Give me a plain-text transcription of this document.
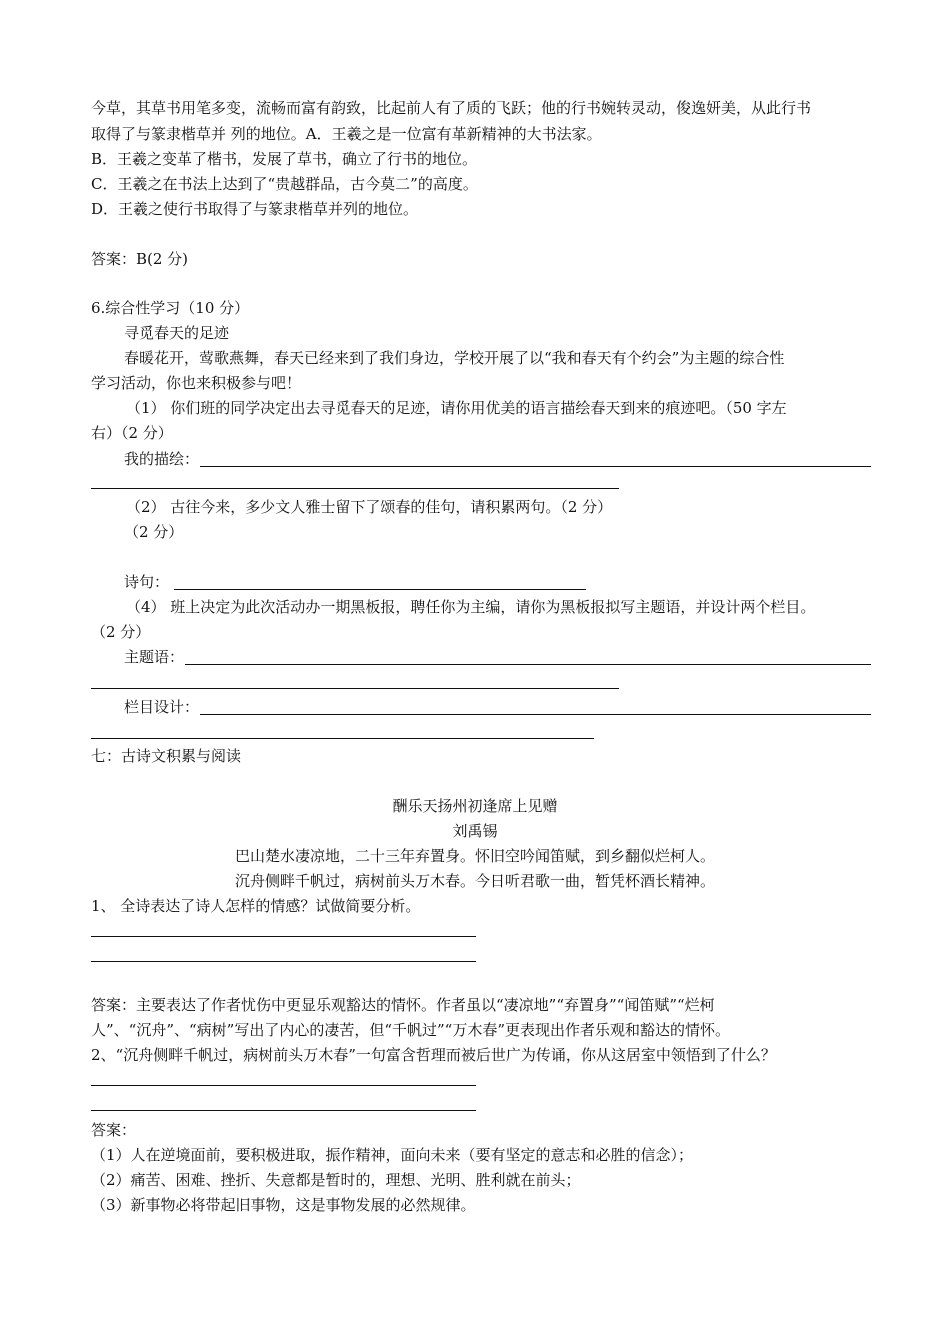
今草，其草书用笔多变，流畅而富有韵致，比起前人有了质的飞跃；他的行书婉转灵动，俊逸妍美，从此行书
取得了与篆隶楷草并 列的地位。A．王羲之是一位富有革新精神的大书法家。
B．王羲之变革了楷书，发展了草书，确立了行书的地位。
C．王羲之在书法上达到了“贵越群品，古今莫二”的高度。
D．王羲之使行书取得了与篆隶楷草并列的地位。
答案：B(2 分)
6.综合性学习（10 分）
寻觅春天的足迹
春暖花开，莺歌燕舞，春天已经来到了我们身边，学校开展了以“我和春天有个约会”为主题的综合性
学习活动，你也来积极参与吧！
（1） 你们班的同学决定出去寻觅春天的足迹，请你用优美的语言描绘春天到来的痕迹吧。（50 字左
右）（2 分）
我的描绘：
（2） 古往今来，多少文人雅士留下了颂春的佳句，请积累两句。（2 分）
（2 分）
诗句：
（4） 班上决定为此次活动办一期黑板报，聘任你为主编，请你为黑板报拟写主题语，并设计两个栏目。
（2 分）
主题语：
栏目设计：
七：古诗文积累与阅读
酬乐天扬州初逢席上见赠
刘禹锡
巴山楚水凄凉地，二十三年弃置身。怀旧空吟闻笛赋，到乡翻似烂柯人。
沉舟侧畔千帆过，病树前头万木春。今日听君歌一曲，暂凭杯酒长精神。
1、 全诗表达了诗人怎样的情感？试做简要分析。
答案：主要表达了作者忧伤中更显乐观豁达的情怀。作者虽以“凄凉地”“弃置身”“闻笛赋”“烂柯
人”、“沉舟”、“病树”写出了内心的凄苦，但“千帆过”“万木春”更表现出作者乐观和豁达的情怀。
2、“沉舟侧畔千帆过，病树前头万木春”一句富含哲理而被后世广为传诵，你从这居室中领悟到了什么？
答案：
（1）人在逆境面前，要积极进取，振作精神，面向未来（要有坚定的意志和必胜的信念）；
（2）痛苦、困难、挫折、失意都是暂时的，理想、光明、胜利就在前头；
（3）新事物必将带起旧事物，这是事物发展的必然规律。
